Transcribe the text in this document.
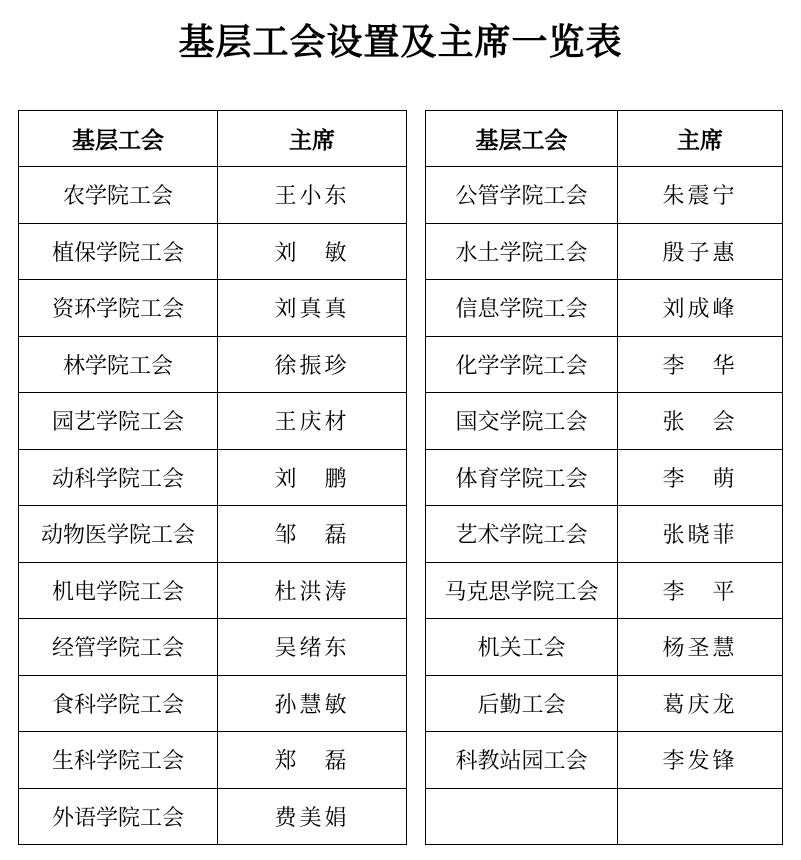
基层工会设置及主席一览表
基层工会	主席
农学院工会	王小东
植保学院工会	刘　敏
资环学院工会	刘真真
林学院工会	徐振珍
园艺学院工会	王庆材
动科学院工会	刘　鹏
动物医学院工会	邹　磊
机电学院工会	杜洪涛
经管学院工会	吴绪东
食科学院工会	孙慧敏
生科学院工会	郑　磊
外语学院工会	费美娟
基层工会	主席
公管学院工会	朱震宁
水土学院工会	殷子惠
信息学院工会	刘成峰
化学学院工会	李　华
国交学院工会	张　会
体育学院工会	李　萌
艺术学院工会	张晓菲
马克思学院工会	李　平
机关工会	杨圣慧
后勤工会	葛庆龙
科教站园工会	李发锋
